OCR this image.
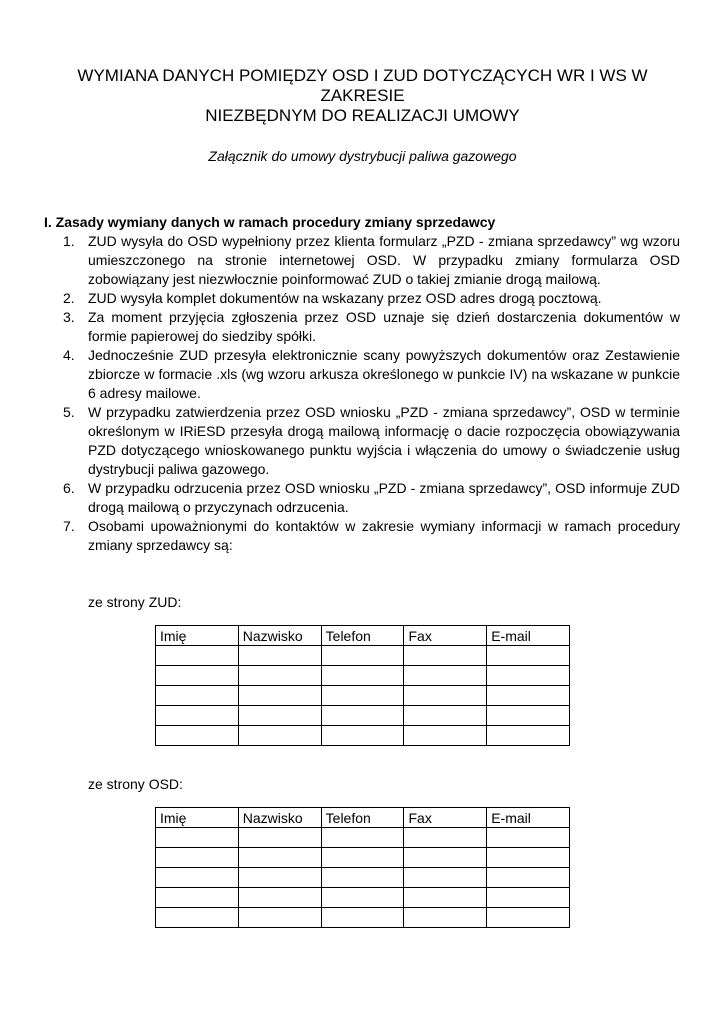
WYMIANA DANYCH POMIĘDZY OSD I ZUD DOTYCZĄCYCH WR I WS W
ZAKRESIE
NIEZBĘDNYM DO REALIZACJI UMOWY

Załącznik do umowy dystrybucji paliwa gazowego

I. Zasady wymiany danych w ramach procedury zmiany sprzedawcy

1. ZUD wysyła do OSD wypełniony przez klienta formularz „PZD - zmiana sprzedawcy” wg wzoru umieszczonego na stronie internetowej OSD. W przypadku zmiany formularza OSD zobowiązany jest niezwłocznie poinformować ZUD o takiej zmianie drogą mailową.
2. ZUD wysyła komplet dokumentów na wskazany przez OSD adres drogą pocztową.
3. Za moment przyjęcia zgłoszenia przez OSD uznaje się dzień dostarczenia dokumentów w formie papierowej do siedziby spółki.
4. Jednocześnie ZUD przesyła elektronicznie scany powyższych dokumentów oraz Zestawienie zbiorcze w formacie .xls (wg wzoru arkusza określonego w punkcie IV) na wskazane w punkcie 6 adresy mailowe.
5. W przypadku zatwierdzenia przez OSD wniosku „PZD - zmiana sprzedawcy”, OSD w terminie określonym w IRiESD przesyła drogą mailową informację o dacie rozpoczęcia obowiązywania PZD dotyczącego wnioskowanego punktu wyjścia i włączenia do umowy o świadczenie usług dystrybucji paliwa gazowego.
6. W przypadku odrzucenia przez OSD wniosku „PZD - zmiana sprzedawcy”, OSD informuje ZUD drogą mailową o przyczynach odrzucenia.
7. Osobami upoważnionymi do kontaktów w zakresie wymiany informacji w ramach procedury zmiany sprzedawcy są:

ze strony ZUD:

Imię	Nazwisko	Telefon	Fax	E-mail

ze strony OSD:

Imię	Nazwisko	Telefon	Fax	E-mail
